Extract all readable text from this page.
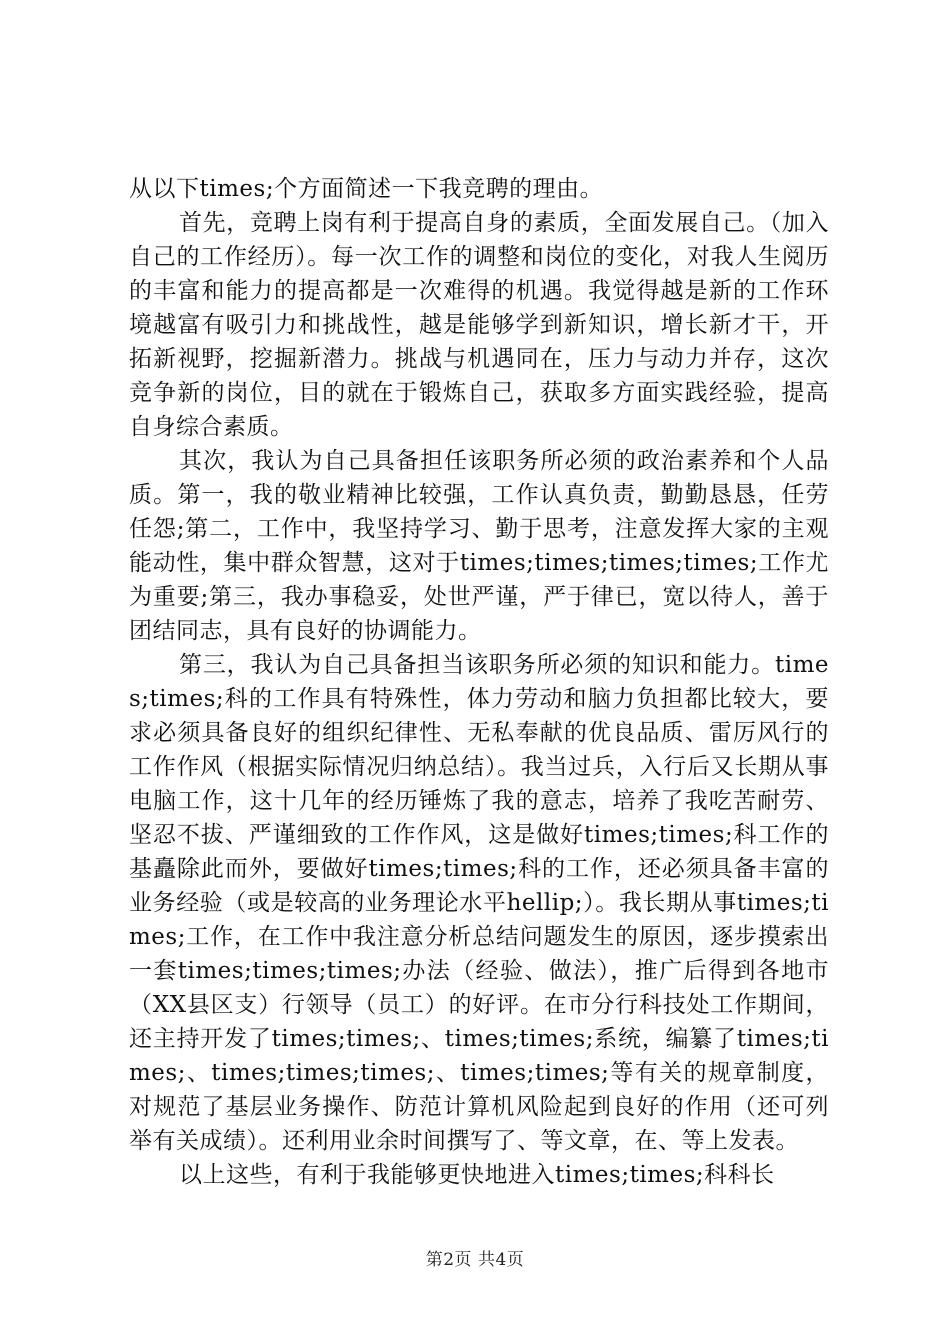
从以下times;个方面简述一下我竞聘的理由。

首先，竞聘上岗有利于提高自身的素质，全面发展自己。（加入自己的工作经历）。每一次工作的调整和岗位的变化，对我人生阅历的丰富和能力的提高都是一次难得的机遇。我觉得越是新的工作环境越富有吸引力和挑战性，越是能够学到新知识，增长新才干，开拓新视野，挖掘新潜力。挑战与机遇同在，压力与动力并存，这次竞争新的岗位，目的就在于锻炼自己，获取多方面实践经验，提高自身综合素质。

其次，我认为自己具备担任该职务所必须的政治素养和个人品质。第一，我的敬业精神比较强，工作认真负责，勤勤恳恳，任劳任怨;第二，工作中，我坚持学习、勤于思考，注意发挥大家的主观能动性，集中群众智慧，这对于times;times;times;times;工作尤为重要;第三，我办事稳妥，处世严谨，严于律已，宽以待人，善于团结同志，具有良好的协调能力。

第三，我认为自己具备担当该职务所必须的知识和能力。times;times;科的工作具有特殊性，体力劳动和脑力负担都比较大，要求必须具备良好的组织纪律性、无私奉献的优良品质、雷厉风行的工作作风（根据实际情况归纳总结）。我当过兵，入行后又长期从事电脑工作，这十几年的经历锤炼了我的意志，培养了我吃苦耐劳、坚忍不拔、严谨细致的工作作风，这是做好times;times;科工作的基矗除此而外，要做好times;times;科的工作，还必须具备丰富的业务经验（或是较高的业务理论水平hellip;）。我长期从事times;times;工作，在工作中我注意分析总结问题发生的原因，逐步摸索出一套times;times;times;办法（经验、做法），推广后得到各地市（XX县区支）行领导（员工）的好评。在市分行科技处工作期间，还主持开发了times;times;、times;times;系统，编纂了times;times;、times;times;times;、times;times;等有关的规章制度，对规范了基层业务操作、防范计算机风险起到良好的作用（还可列举有关成绩）。还利用业余时间撰写了、等文章，在、等上发表。

以上这些，有利于我能够更快地进入times;times;科科长

第2页 共4页
